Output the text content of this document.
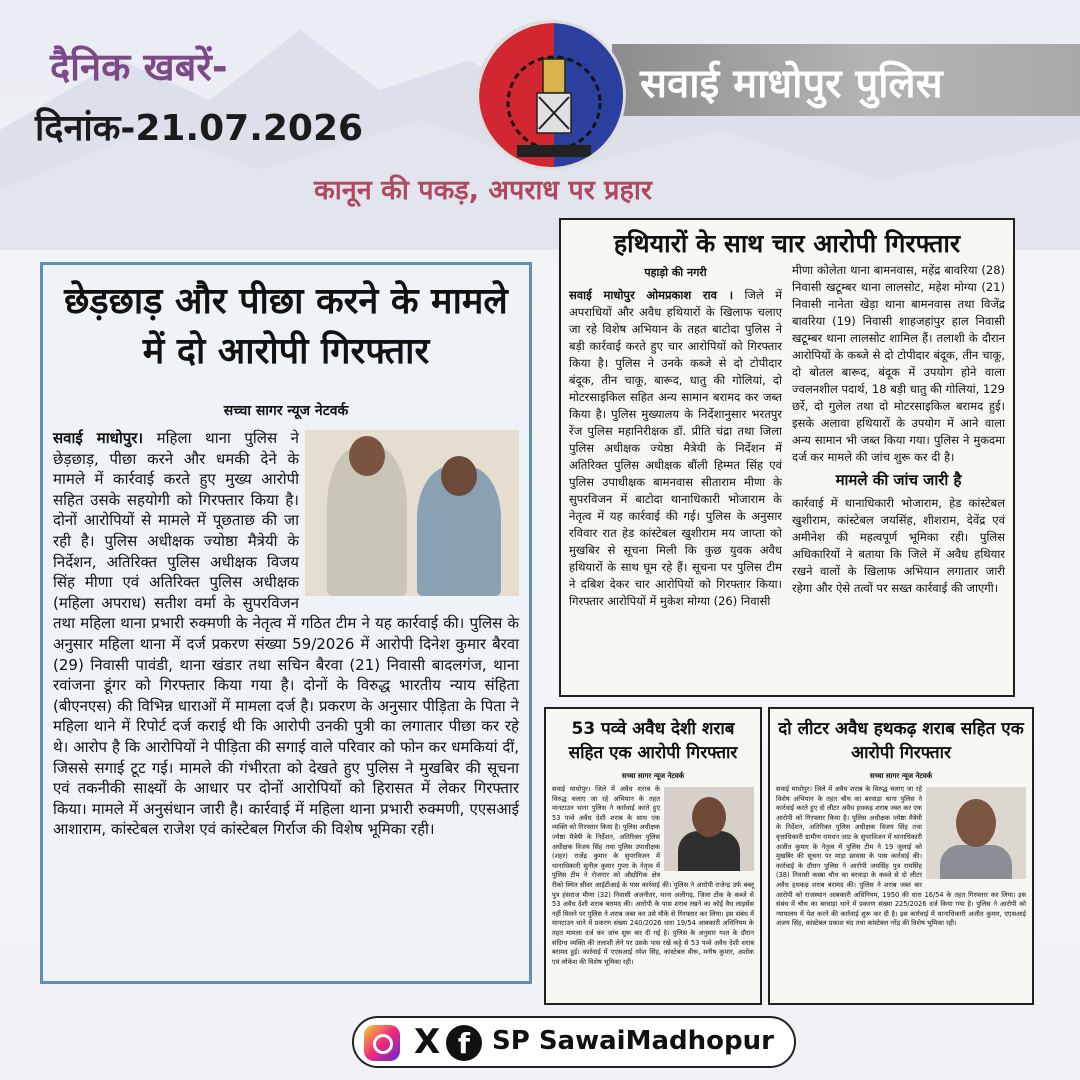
दैनिक खबरें-
दिनांक-21.07.2026
सवाई माधोपुर पुलिस
कानून की पकड़, अपराध पर प्रहार
छेड़छाड़ और पीछा करने के मामले में दो आरोपी गिरफ्तार
सच्चा सागर न्यूज नेटवर्क
सवाई माधोपुर। महिला थाना पुलिस ने छेड़छाड़, पीछा करने और धमकी देने के मामले में कार्रवाई करते हुए मुख्य आरोपी सहित उसके सहयोगी को गिरफ्तार किया है। दोनों आरोपियों से मामले में पूछताछ की जा रही है। पुलिस अधीक्षक ज्योष्ठा मैत्रेयी के निर्देशन, अतिरिक्त पुलिस अधीक्षक विजय सिंह मीणा एवं अतिरिक्त पुलिस अधीक्षक (महिला अपराध) सतीश वर्मा के सुपरविजन तथा महिला थाना प्रभारी रुक्मणी के नेतृत्व में गठित टीम ने यह कार्रवाई की। पुलिस के अनुसार महिला थाना में दर्ज प्रकरण संख्या 59/2026 में आरोपी दिनेश कुमार बैरवा (29) निवासी पावंडी, थाना खंडार तथा सचिन बैरवा (21) निवासी बादलगंज, थाना रवांजना डूंगर को गिरफ्तार किया गया है। दोनों के विरुद्ध भारतीय न्याय संहिता (बीएनएस) की विभिन्न धाराओं में मामला दर्ज है। प्रकरण के अनुसार पीड़िता के पिता ने महिला थाने में रिपोर्ट दर्ज कराई थी कि आरोपी उनकी पुत्री का लगातार पीछा कर रहे थे। आरोप है कि आरोपियों ने पीड़िता की सगाई वाले परिवार को फोन कर धमकियां दीं, जिससे सगाई टूट गई। मामले की गंभीरता को देखते हुए पुलिस ने मुखबिर की सूचना एवं तकनीकी साक्ष्यों के आधार पर दोनों आरोपियों को हिरासत में लेकर गिरफ्तार किया। मामले में अनुसंधान जारी है। कार्रवाई में महिला थाना प्रभारी रुक्मणी, एएसआई आशाराम, कांस्टेबल राजेश एवं कांस्टेबल गिर्राज की विशेष भूमिका रही।
हथियारों के साथ चार आरोपी गिरफ्तार
पहाड़ो की नगरी
सवाई माधोपुर ओमप्रकाश राव । जिले में अपराधियों और अवैध हथियारों के खिलाफ चलाए जा रहे विशेष अभियान के तहत बाटोदा पुलिस ने बड़ी कार्रवाई करते हुए चार आरोपियों को गिरफ्तार किया है। पुलिस ने उनके कब्जे से दो टोपीदार बंदूक, तीन चाकू, बारूद, धातु की गोलियां, दो मोटरसाइकिल सहित अन्य सामान बरामद कर जब्त किया है। पुलिस मुख्यालय के निर्देशानुसार भरतपुर रेंज पुलिस महानिरीक्षक डॉ. प्रीति चंद्रा तथा जिला पुलिस अधीक्षक ज्येष्ठा मैत्रेयी के निर्देशन में अतिरिक्त पुलिस अधीक्षक बौंली हिम्मत सिंह एवं पुलिस उपाधीक्षक बामनवास सीताराम मीणा के सुपरविजन में बाटोदा थानाधिकारी भोजाराम के नेतृत्व में यह कार्रवाई की गई। पुलिस के अनुसार रविवार रात हेड कांस्टेबल खुशीराम मय जाप्ता को मुखबिर से सूचना मिली कि कुछ युवक अवैध हथियारों के साथ घूम रहे हैं। सूचना पर पुलिस टीम ने दबिश देकर चार आरोपियों को गिरफ्तार किया। गिरफ्तार आरोपियों में मुकेश मोग्या (26) निवासी
मीणा कोलेता थाना बामनवास, महेंद्र बावरिया (28) निवासी खटूम्बर थाना लालसोट, महेश मोग्या (21) निवासी नानेता खेड़ा थाना बामनवास तथा विजेंद्र बावरिया (19) निवासी शाहजहांपुर हाल निवासी खटूम्बर थाना लालसोट शामिल हैं। तलाशी के दौरान आरोपियों के कब्जे से दो टोपीदार बंदूक, तीन चाकू, दो बोतल बारूद, बंदूक में उपयोग होने वाला ज्वलनशील पदार्थ, 18 बड़ी धातु की गोलियां, 129 छर्रे, दो गुलेल तथा दो मोटरसाइकिल बरामद हुई। इसके अलावा हथियारों के उपयोग में आने वाला अन्य सामान भी जब्त किया गया। पुलिस ने मुकदमा दर्ज कर मामले की जांच शुरू कर दी है।
मामले की जांच जारी है
कार्रवाई में थानाधिकारी भोजाराम, हेड कांस्टेबल खुशीराम, कांस्टेबल जयसिंह, शीशराम, देवेंद्र एवं अमीनेश की महत्वपूर्ण भूमिका रही। पुलिस अधिकारियों ने बताया कि जिले में अवैध हथियार रखने वालों के खिलाफ अभियान लगातार जारी रहेगा और ऐसे तत्वों पर सख्त कार्रवाई की जाएगी।
53 पव्वे अवैध देशी शराब सहित एक आरोपी गिरफ्तार
सच्चा सागर न्यूज नेटवर्क
सवाई माधोपुर। जिले में अवैध शराब के विरुद्ध चलाए जा रहे अभियान के तहत मानटाउन थाना पुलिस ने कार्रवाई करते हुए 53 पव्वे अवैध देशी शराब के साथ एक व्यक्ति को गिरफ्तार किया है। पुलिस अधीक्षक ज्येष्ठा मैत्रेयी के निर्देशन, अतिरिक्त पुलिस अधीक्षक विजय सिंह तथा पुलिस उपाधीक्षक (शहर) राजेंद्र कुमार के सुपरविजन में थानाधिकारी सुनील कुमार गुप्ता के नेतृत्व में पुलिस टीम ने रोजगार को औद्योगिक क्षेत्र रीको स्थित सीवर आईटीआई के पास कार्रवाई की। पुलिस ने आरोपी राजेन्द्र उर्फ बब्लू पुत्र हंसराज मीणा (32) निवासी अजनीतर, थाना अलीगढ़, जिला टोंक के कब्जे से 53 अवैध देशी शराब बरामद की। आरोपी के पास शराब रखने का कोई वैध लाइसेंस नहीं मिलने पर पुलिस ने शराब जब्त कर उसे मौके से गिरफ्तार कर लिया। इस संबंध में मानटाउन थाने में प्रकरण संख्या 240/2026 धारा 19/54 आबकारी अधिनियम के तहत मामला दर्ज कर जांच शुरू कर दी गई है। पुलिस के अनुसार गश्त के दौरान संदिग्ध व्यक्ति की तलाशी लेने पर उसके पास रखे कट्टे से 53 पव्वे अवैध देशी शराब बरामद हुई। कार्रवाई में एएसआई रमेश सिंह, कांस्टेबल वीरू, मनीष कुमार, अशोक एवं लोकेश की विशेष भूमिका रही।
दो लीटर अवैध हथकढ़ शराब सहित एक आरोपी गिरफ्तार
सच्चा सागर न्यूज नेटवर्क
सवाई माधोपुर। जिले में अवैध शराब के विरुद्ध चलाए जा रहे विशेष अभियान के तहत चौथ का बरवाड़ा थाना पुलिस ने कार्रवाई करते हुए दो लीटर अवैध हथकढ़ शराब जब्त कर एक आरोपी को गिरफ्तार किया है। पुलिस अधीक्षक ज्येष्ठा मैत्रेयी के निर्देशन, अतिरिक्त पुलिस अधीक्षक विजय सिंह तथा वृत्ताधिकारी ग्रामीण रामधन जाट के सुपरविजन में थानाधिकारी अजीत कुमार के नेतृत्व में पुलिस टीम ने 19 जुलाई को मुखबिर की सूचना पर माड़ा छावास के पास कार्रवाई की। कार्रवाई के दौरान पुलिस ने आरोपी जयसिंह पुत्र रामसिंह (38) निवासी कस्बा चौथ का बरवाड़ा के कब्जे से दो लीटर अवैध हथकढ़ शराब बरामद की। पुलिस ने शराब जब्त कर आरोपी को राजस्थान आबकारी अधिनियम, 1950 की धारा 16/54 के तहत गिरफ्तार कर लिया। इस संबंध में चौथ का बरवाड़ा थाने में प्रकरण संख्या 225/2026 दर्ज किया गया है। पुलिस ने आरोपी को न्यायालय में पेश करने की कार्रवाई शुरू कर दी है। इस कार्रवाई में थानाधिकारी अजीत कुमार, एएसआई अजय सिंह, कांस्टेबल प्रकाश चंद तथा कांस्टेबल नरेंद्र की विशेष भूमिका रही।
X f SP SawaiMadhopur
